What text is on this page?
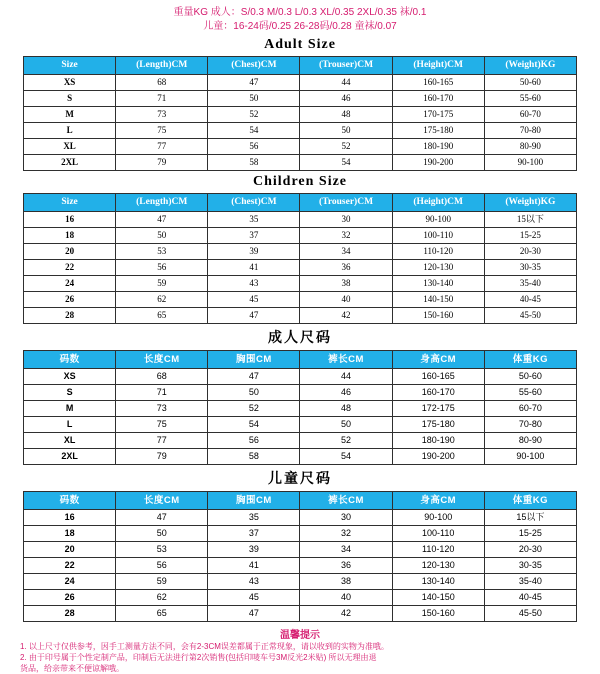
重量KG 成人：S/0.3 M/0.3 L/0.3 XL/0.35 2XL/0.35 袜/0.1
儿童：16-24码/0.25 26-28码/0.28 童袜/0.07
Adult Size
Size	(Length)CM	(Chest)CM	(Trouser)CM	(Height)CM	(Weight)KG
XS	68	47	44	160-165	50-60
S	71	50	46	160-170	55-60
M	73	52	48	170-175	60-70
L	75	54	50	175-180	70-80
XL	77	56	52	180-190	80-90
2XL	79	58	54	190-200	90-100
Children Size
Size	(Length)CM	(Chest)CM	(Trouser)CM	(Height)CM	(Weight)KG
16	47	35	30	90-100	15以下
18	50	37	32	100-110	15-25
20	53	39	34	110-120	20-30
22	56	41	36	120-130	30-35
24	59	43	38	130-140	35-40
26	62	45	40	140-150	40-45
28	65	47	42	150-160	45-50
成人尺码
码数	长度CM	胸围CM	裤长CM	身高CM	体重KG
XS	68	47	44	160-165	50-60
S	71	50	46	160-170	55-60
M	73	52	48	172-175	60-70
L	75	54	50	175-180	70-80
XL	77	56	52	180-190	80-90
2XL	79	58	54	190-200	90-100
儿童尺码
码数	长度CM	胸围CM	裤长CM	身高CM	体重KG
16	47	35	30	90-100	15以下
18	50	37	32	100-110	15-25
20	53	39	34	110-120	20-30
22	56	41	36	120-130	30-35
24	59	43	38	130-140	35-40
26	62	45	40	140-150	40-45
28	65	47	42	150-160	45-50
温馨提示

1. 以上尺寸仅供参考，因手工测量方法不同，会有2-3CM误差都属于正常现象，请以收到的实物为准哦。

2. 由于印号属于个性定制产品，印制后无法进行第2次销售(包括印唛车号3M反光2米贴) 所以无理由退

货品，给亲带来不便谅解哦。
